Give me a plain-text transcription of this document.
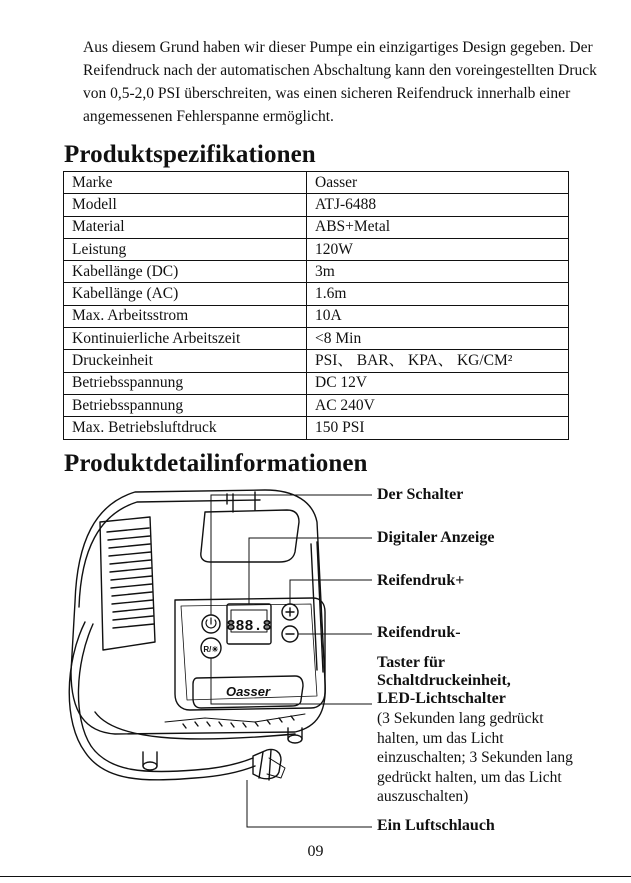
Aus diesem Grund haben wir dieser Pumpe ein einzigartiges Design gegeben. Der Reifendruck nach der automatischen Abschaltung kann den voreingestellten Druck von 0,5-2,0 PSI überschreiten, was einen sicheren Reifendruck innerhalb einer angemessenen Fehlerspanne ermöglicht.

Produktspezifikationen
Marke	Oasser
Modell	ATJ-6488
Material	ABS+Metal
Leistung	120W
Kabellänge (DC)	3m
Kabellänge (AC)	1.6m
Max. Arbeitsstrom	10A
Kontinuierliche Arbeitszeit	<8 Min
Druckeinheit	PSI、 BAR、 KPA、 KG/CM²
Betriebsspannung	DC 12V
Betriebsspannung	AC 240V
Max. Betriebsluftdruck	150 PSI
Produktdetailinformationen
888.8
R/☀
Oasser
Der Schalter
Digitaler Anzeige
Reifendruk+
Reifendruk-
Taster für
Schaltdruckeinheit,
LED-Lichtschalter

(3 Sekunden lang gedrückt halten, um das Licht einzuschalten; 3 Sekunden lang gedrückt halten, um das Licht auszuschalten)

Ein Luftschlauch
09
